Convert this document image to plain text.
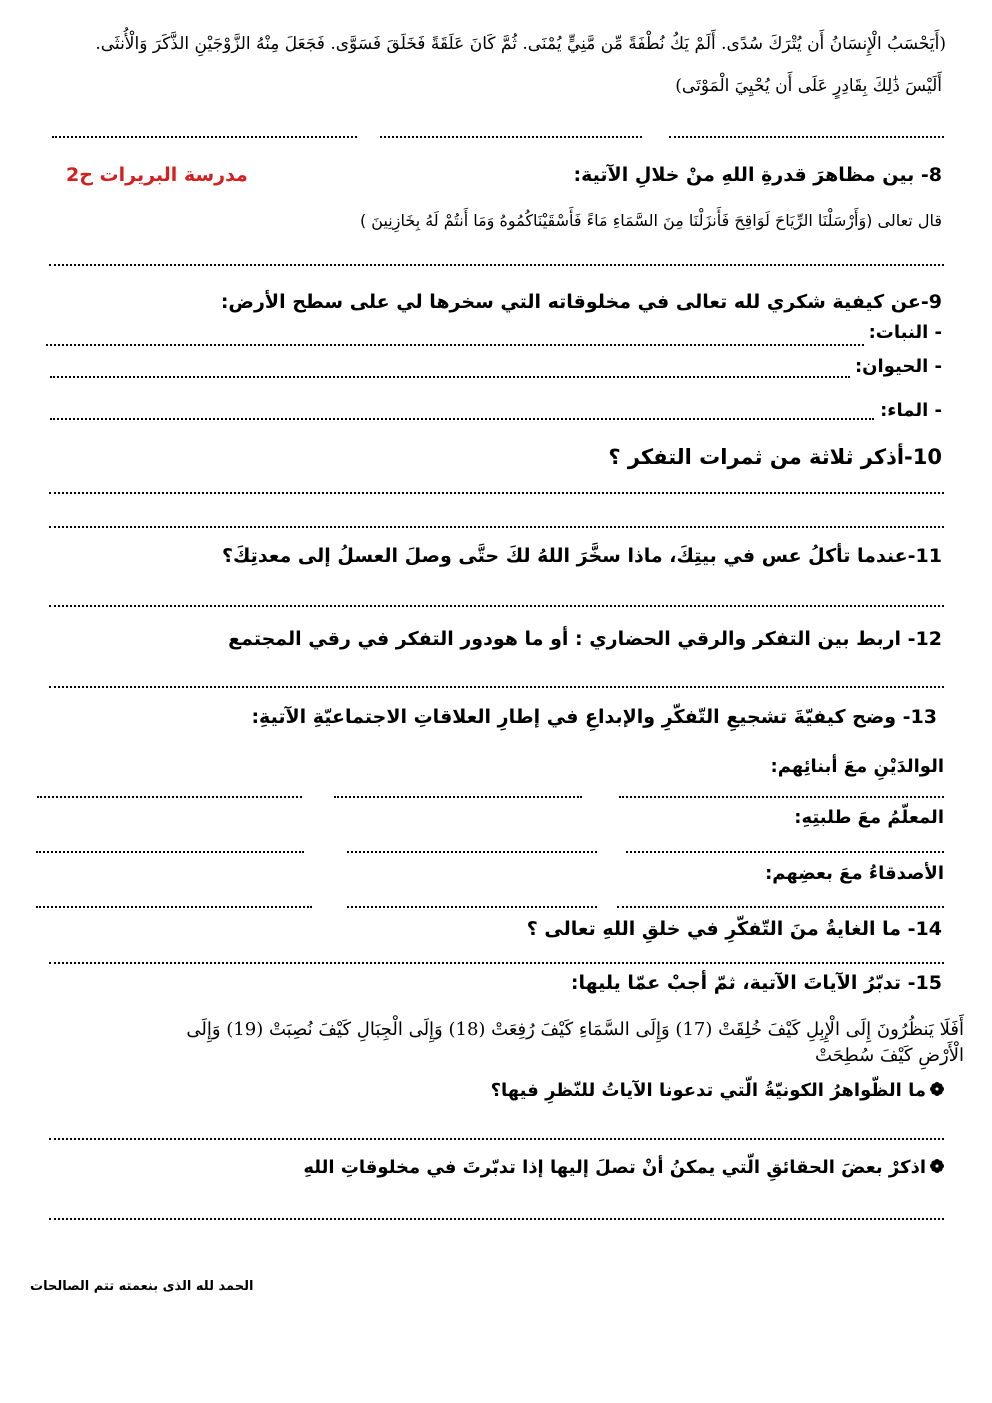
(أَيَحْسَبُ الْإِنسَانُ أَن يُتْرَكَ سُدًى. أَلَمْ يَكُ نُطْفَةً مِّن مَّنِيٍّ يُمْنَى. ثُمَّ كَانَ عَلَقَةً فَخَلَقَ فَسَوَّى. فَجَعَلَ مِنْهُ الزَّوْجَيْنِ الذَّكَرَ وَالْأُنثَى.
أَلَيْسَ ذَٰلِكَ بِقَادِرٍ عَلَى أَن يُحْيِيَ الْمَوْتَى)
8- بين مظاهرَ قدرةِ اللهِ منْ خلالِ الآتية:
مدرسة البريرات ح2
قال تعالى (وَأَرْسَلْنَا الرِّيَاحَ لَوَاقِحَ فَأَنزَلْنَا مِنَ السَّمَاءِ مَاءً فَأَسْقَيْنَاكُمُوهُ وَمَا أَنتُمْ لَهُ بِخَازِنِينَ )
9-عن كيفية شكري لله تعالى في مخلوقاته التي سخرها لي على سطح الأرض:
- النبات:
- الحيوان:
- الماء:
10-أذكر ثلاثة من ثمرات التفكر ؟
11-عندما تأكلُ عس في بيتِكَ، ماذا سخَّرَ اللهُ لكَ حتَّى وصلَ العسلُ إلى معدتِكَ؟
12- اربط بين التفكر والرقي الحضاري : أو ما هودور التفكر في رقي المجتمع
13- وضح كيفيّةَ تشجيعِ التّفكّرِ والإبداعِ في إطارِ العلاقاتِ الاجتماعيّةِ الآتيةِ:
الوالدَيْنِ معَ أبنائِهم:
المعلّمُ معَ طلبتِهِ:
الأصدقاءُ معَ بعضِهم:
14- ما الغايةُ منَ التّفكّرِ في خلقِ اللهِ تعالى ؟
15- تدبّرُ الآياتَ الآتية، ثمّ أجبْ عمّا يليها:
أَفَلَا يَنظُرُونَ إِلَى الْإِبِلِ كَيْفَ خُلِقَتْ (17) وَإِلَى السَّمَاءِ كَيْفَ رُفِعَتْ (18) وَإِلَى الْجِبَالِ كَيْفَ نُصِبَتْ (19) وَإِلَى
الْأَرْضِ كَيْفَ سُطِحَتْ
ما الظّواهرُ الكونيّةُ الّتي تدعونا الآياتُ للنّظرِ فيها؟
اذكرْ بعضَ الحقائقِ الّتي يمكنُ أنْ تصلَ إليها إذا تدبّرتَ في مخلوقاتِ اللهِ
الحمد لله الذى بنعمته تتم الصالحات
